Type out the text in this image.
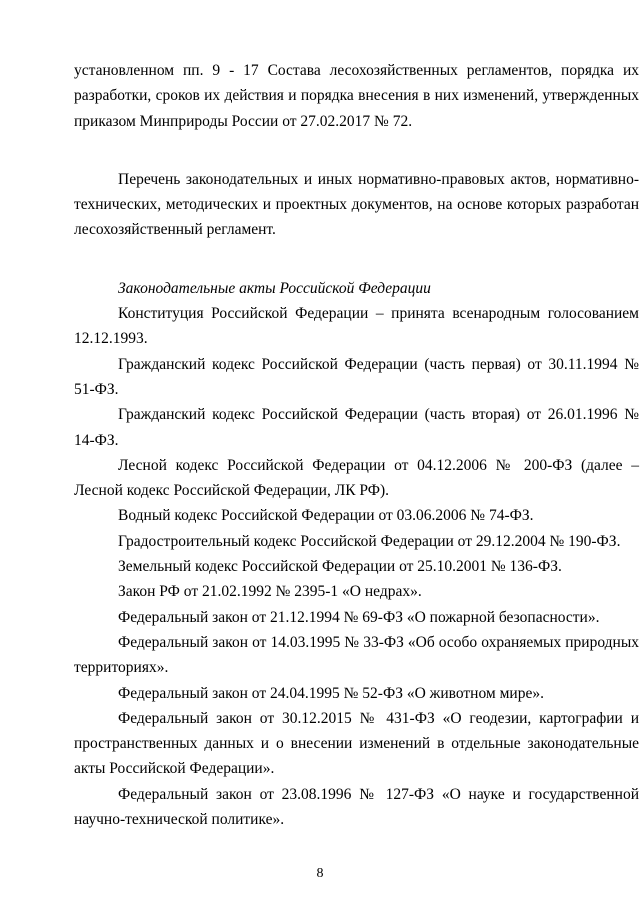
установленном пп. 9 - 17 Состава лесохозяйственных регламентов, порядка их разработки, сроков их действия и порядка внесения в них изменений, утвержденных приказом Минприроды России от 27.02.2017 № 72.

Перечень законодательных и иных нормативно-правовых актов, нормативно-технических, методических и проектных документов, на основе которых разработан лесохозяйственный регламент.

Законодательные акты Российской Федерации

Конституция Российской Федерации – принята всенародным голосованием 12.12.1993.

Гражданский кодекс Российской Федерации (часть первая) от 30.11.1994 № 51-ФЗ.

Гражданский кодекс Российской Федерации (часть вторая) от 26.01.1996 № 14-ФЗ.

Лесной кодекс Российской Федерации от 04.12.2006 № 200-ФЗ (далее – Лесной кодекс Российской Федерации, ЛК РФ).

Водный кодекс Российской Федерации от 03.06.2006 № 74-ФЗ.

Градостроительный кодекс Российской Федерации от 29.12.2004 № 190-ФЗ.

Земельный кодекс Российской Федерации от 25.10.2001 № 136-ФЗ.

Закон РФ от 21.02.1992 № 2395-1 «О недрах».

Федеральный закон от 21.12.1994 № 69-ФЗ «О пожарной безопасности».

Федеральный закон от 14.03.1995 № 33-ФЗ «Об особо охраняемых природных территориях».

Федеральный закон от 24.04.1995 № 52-ФЗ «О животном мире».

Федеральный закон от 30.12.2015 № 431-ФЗ «О геодезии, картографии и пространственных данных и о внесении изменений в отдельные законодательные акты Российской Федерации».

Федеральный закон от 23.08.1996 № 127-ФЗ «О науке и государственной научно-технической политике».

8
